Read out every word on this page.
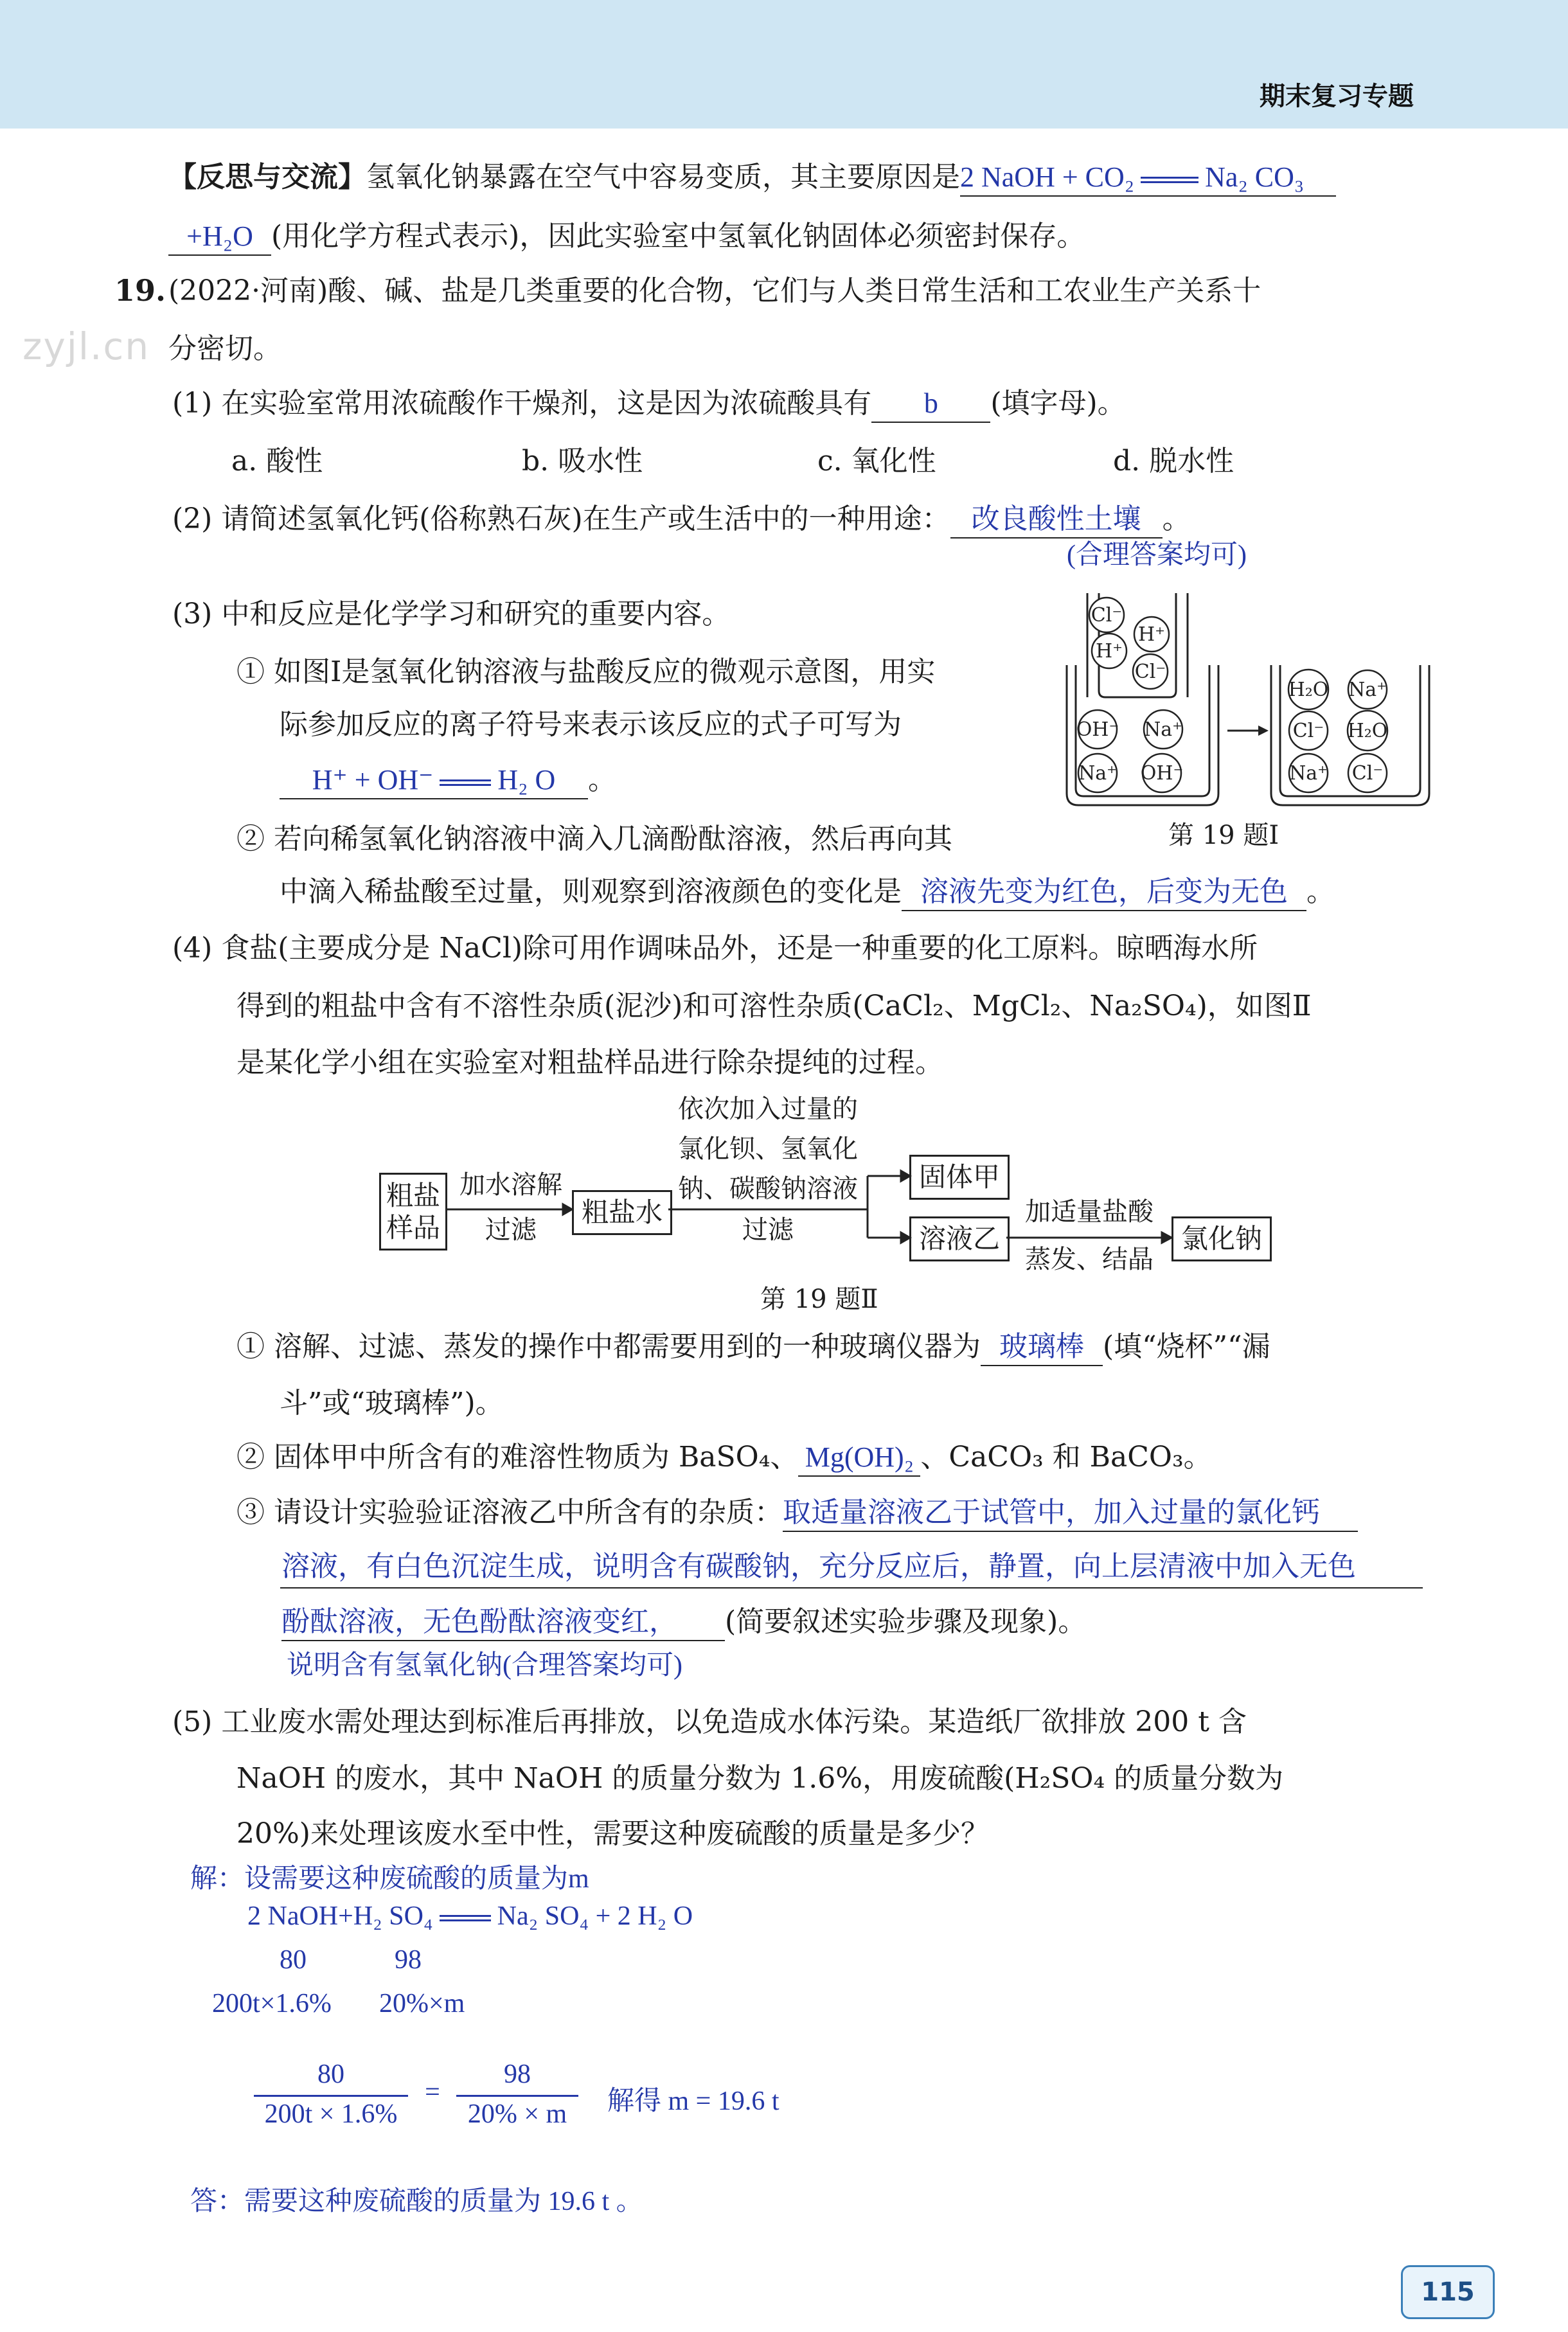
期末复习专题
zyjl.cn
【反思与交流】氢氧化钠暴露在空气中容易变质，其主要原因是2 NaOH + CO₂	Na₂ CO₃
+H₂O (用化学方程式表示)，因此实验室中氢氧化钠固体必须密封保存。
19. (2022·河南)酸、碱、盐是几类重要的化合物，它们与人类日常生活和工农业生产关系十
分密切。
(1) 在实验室常用浓硫酸作干燥剂，这是因为浓硫酸具有 b (填字母)。
a. 酸性	b. 吸水性	c. 氧化性	d. 脱水性
(2) 请简述氢氧化钙(俗称熟石灰)在生产或生活中的一种用途： 改良酸性土壤 。
(合理答案均可)
(3) 中和反应是化学学习和研究的重要内容。
① 如图Ⅰ是氢氧化钠溶液与盐酸反应的微观示意图，用实
际参加反应的离子符号来表示该反应的式子可写为
H⁺ + OH⁻ H₂ O 。
② 若向稀氢氧化钠溶液中滴入几滴酚酞溶液，然后再向其
中滴入稀盐酸至过量，则观察到溶液颜色的变化是 溶液先变为红色，后变为无色 。
Cl⁻
H⁺
H⁺
Cl⁻
OH⁻ Na⁺
Na⁺ OH⁻
H₂O Na⁺
Cl⁻ H₂O
Na⁺ Cl⁻
第 19 题Ⅰ
(4) 食盐(主要成分是 NaCl)除可用作调味品外，还是一种重要的化工原料。晾晒海水所
得到的粗盐中含有不溶性杂质(泥沙)和可溶性杂质(CaCl₂、MgCl₂、Na₂SO₄)，如图Ⅱ
是某化学小组在实验室对粗盐样品进行除杂提纯的过程。
粗盐
样品
加水溶解
过滤
粗盐水
依次加入过量的
氯化钡、氢氧化
钠、碳酸钠溶液
过滤
固体甲
溶液乙
加适量盐酸
蒸发、结晶
氯化钠
第 19 题Ⅱ
① 溶解、过滤、蒸发的操作中都需要用到的一种玻璃仪器为 玻璃棒 (填“烧杯”“漏
斗”或“玻璃棒”)。
② 固体甲中所含有的难溶性物质为 BaSO₄、 Mg(OH)₂ 、CaCO₃ 和 BaCO₃。
③ 请设计实验验证溶液乙中所含有的杂质：取适量溶液乙于试管中，加入过量的氯化钙
溶液，有白色沉淀生成，说明含有碳酸钠，充分反应后，静置，向上层清液中加入无色
酚酞溶液，无色酚酞溶液变红， (简要叙述实验步骤及现象)。
说明含有氢氧化钠(合理答案均可)
(5) 工业废水需处理达到标准后再排放，以免造成水体污染。某造纸厂欲排放 200 t 含
NaOH 的废水，其中 NaOH 的质量分数为 1.6%，用废硫酸(H₂SO₄ 的质量分数为
20%)来处理该废水至中性，需要这种废硫酸的质量是多少？
解：设需要这种废硫酸的质量为m
2 NaOH+H₂ SO₄ Na₂ SO₄ + 2 H₂ O
80	98
200t×1.6% 20%×m
80
200t × 1.6%
=
98
20% × m	解得 m = 19.6 t
答：需要这种废硫酸的质量为 19.6 t 。
115
